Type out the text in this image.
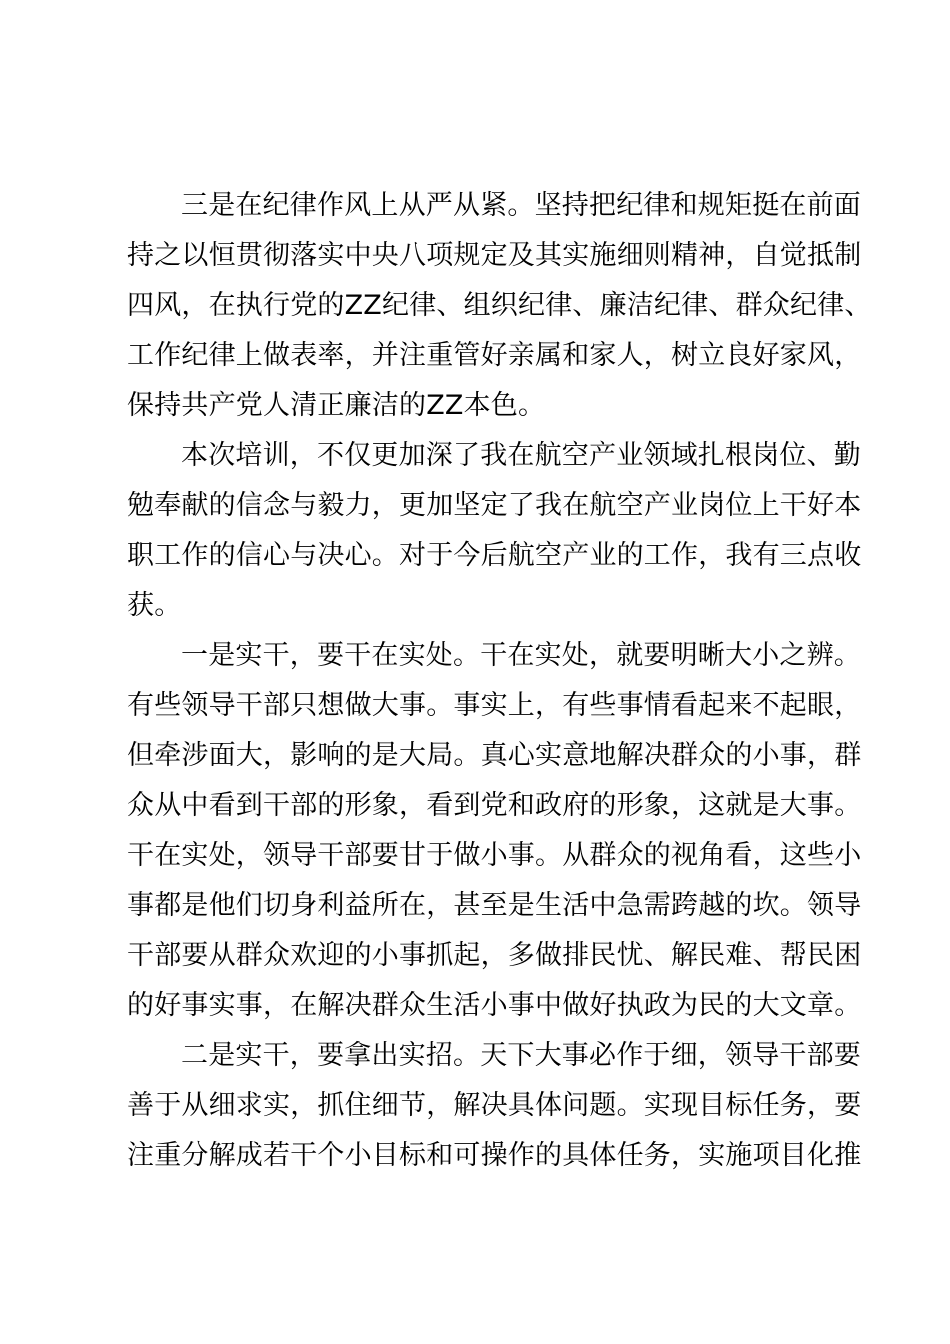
三是在纪律作风上从严从紧。坚持把纪律和规矩挺在前面
持之以恒贯彻落实中央八项规定及其实施细则精神，自觉抵制
四风，在执行党的ZZ纪律、组织纪律、廉洁纪律、群众纪律、
工作纪律上做表率，并注重管好亲属和家人，树立良好家风，
保持共产党人清正廉洁的ZZ本色。
本次培训，不仅更加深了我在航空产业领域扎根岗位、勤
勉奉献的信念与毅力，更加坚定了我在航空产业岗位上干好本
职工作的信心与决心。对于今后航空产业的工作，我有三点收
获。
一是实干，要干在实处。干在实处，就要明晰大小之辨。
有些领导干部只想做大事。事实上，有些事情看起来不起眼，
但牵涉面大，影响的是大局。真心实意地解决群众的小事，群
众从中看到干部的形象，看到党和政府的形象，这就是大事。
干在实处，领导干部要甘于做小事。从群众的视角看，这些小
事都是他们切身利益所在，甚至是生活中急需跨越的坎。领导
干部要从群众欢迎的小事抓起，多做排民忧、解民难、帮民困
的好事实事，在解决群众生活小事中做好执政为民的大文章。
二是实干，要拿出实招。天下大事必作于细，领导干部要
善于从细求实，抓住细节，解决具体问题。实现目标任务，要
注重分解成若干个小目标和可操作的具体任务，实施项目化推
